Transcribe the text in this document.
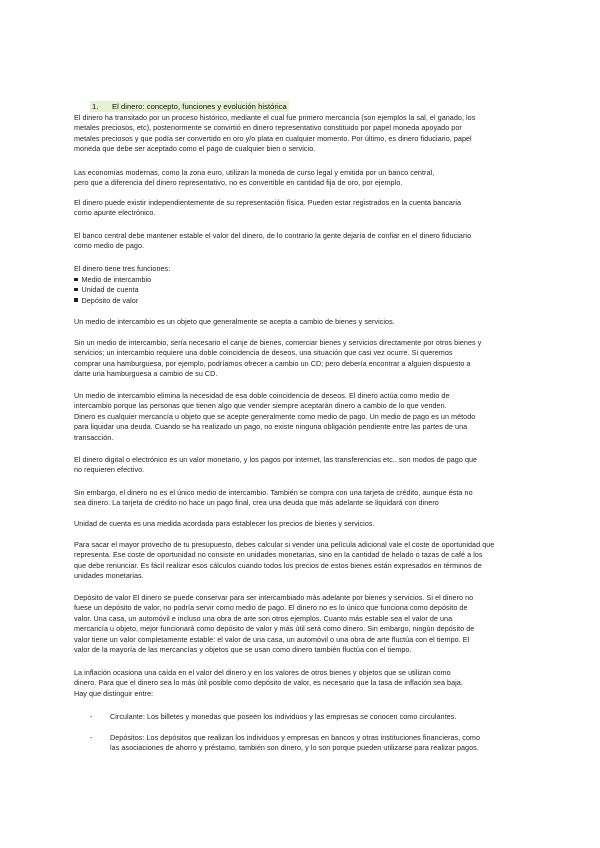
1. El dinero: concepto, funciones y evolución histórica

El dinero ha transitado por un proceso histórico, mediante el cual fue primero mercancía (son ejemplos la sal, el ganado, los
metales preciosos, etc), posteriormente se convirtió en dinero representativo constituido por papel moneda apoyado por
metales preciosos y que podía ser convertido en oro y/o plata en cualquier momento. Por último, es dinero fiduciario, papel
moneda que debe ser aceptado como el pago de cualquier bien o servicio.

Las economías modernas, como la zona euro, utilizan la moneda de curso legal y emitida por un banco central,
pero que a diferencia del dinero representativo, no es convertible en cantidad fija de oro, por ejemplo.

El dinero puede existir independientemente de su representación física. Pueden estar registrados en la cuenta bancaria
como apunte electrónico.

El banco central debe mantener estable el valor del dinero, de lo contrario la gente dejaría de confiar en el dinero fiduciario
como medio de pago.

El dinero tiene tres funciones:

Medio de intercambio
Unidad de cuenta
Depósito de valor

Un medio de intercambio es un objeto que generalmente se acepta a cambio de bienes y servicios.

Sin un medio de intercambio, sería necesario el canje de bienes, comerciar bienes y servicios directamente por otros bienes y
servicios; un intercambio requiere una doble coincidencia de deseos, una situación que casi vez ocurre. Si queremos
comprar una hamburguesa, por ejemplo, podríamos ofrecer a cambio un CD; pero debería encontrar a alguien dispuesto a
darte una hamburguesa a cambio de su CD.

Un medio de intercambio elimina la necesidad de esa doble coincidencia de deseos. El dinero actúa como medio de
intercambio porque las personas que tienen algo que vender siempre aceptarán dinero a cambio de lo que venden.
Dinero es cualquier mercancía u objeto que se acepte generalmente como medio de pago. Un medio de pago es un método
para liquidar una deuda. Cuando se ha realizado un pago, no existe ninguna obligación pendiente entre las partes de una
transacción.

El dinero digital o electrónico es un valor monetario, y los pagos por internet, las transferencias etc.. son modos de pago que
no requieren efectivo.

Sin embargo, el dinero no es el único medio de intercambio. También se compra con una tarjeta de crédito, aunque ésta no
sea dinero. La tarjeta de crédito no hace un pago final, crea una deuda que más adelante se liquidará con dinero

Unidad de cuenta es una medida acordada para establecer los precios de bienes y servicios.

Para sacar el mayor provecho de tu presupuesto, debes calcular si vender una película adicional vale el coste de oportunidad que
representa. Ese coste de oportunidad no consiste en unidades monetarias, sino en la cantidad de helado o tazas de café a los
que debe renunciar. Es fácil realizar esos cálculos cuando todos los precios de estos bienes están expresados en términos de
unidades monetarias.

Depósito de valor El dinero se puede conservar para ser intercambiado más adelante por bienes y servicios. Si el dinero no
fuese un depósito de valor, no podría servir como medio de pago. El dinero no es lo único que funciona como depósito de
valor. Una casa, un automóvil e incluso una obra de arte son otros ejemplos. Cuanto más estable sea el valor de una
mercancía u objeto, mejor funcionará como depósito de valor y más útil será como dinero. Sin embargo, ningún depósito de
valor tiene un valor completamente estable: el valor de una casa, un automóvil o una obra de arte fluctúa con el tiempo. El
valor de la mayoría de las mercancías y objetos que se usan como dinero también fluctúa con el tiempo.

La inflación ocasiona una caída en el valor del dinero y en los valores de otros bienes y objetos que se utilizan como
dinero. Para que el dinero sea lo más útil posible como depósito de valor, es necesario que la tasa de inflación sea baja.
Hay que distinguir entre:

- Circulante: Los billetes y monedas que poseen los individuos y las empresas se conocen como circulantes.
- Depósitos: Los depósitos que realizan los individuos y empresas en bancos y otras instituciones financieras, como
las asociaciones de ahorro y préstamo, también son dinero, y lo son porque pueden utilizarse para realizar pagos.
